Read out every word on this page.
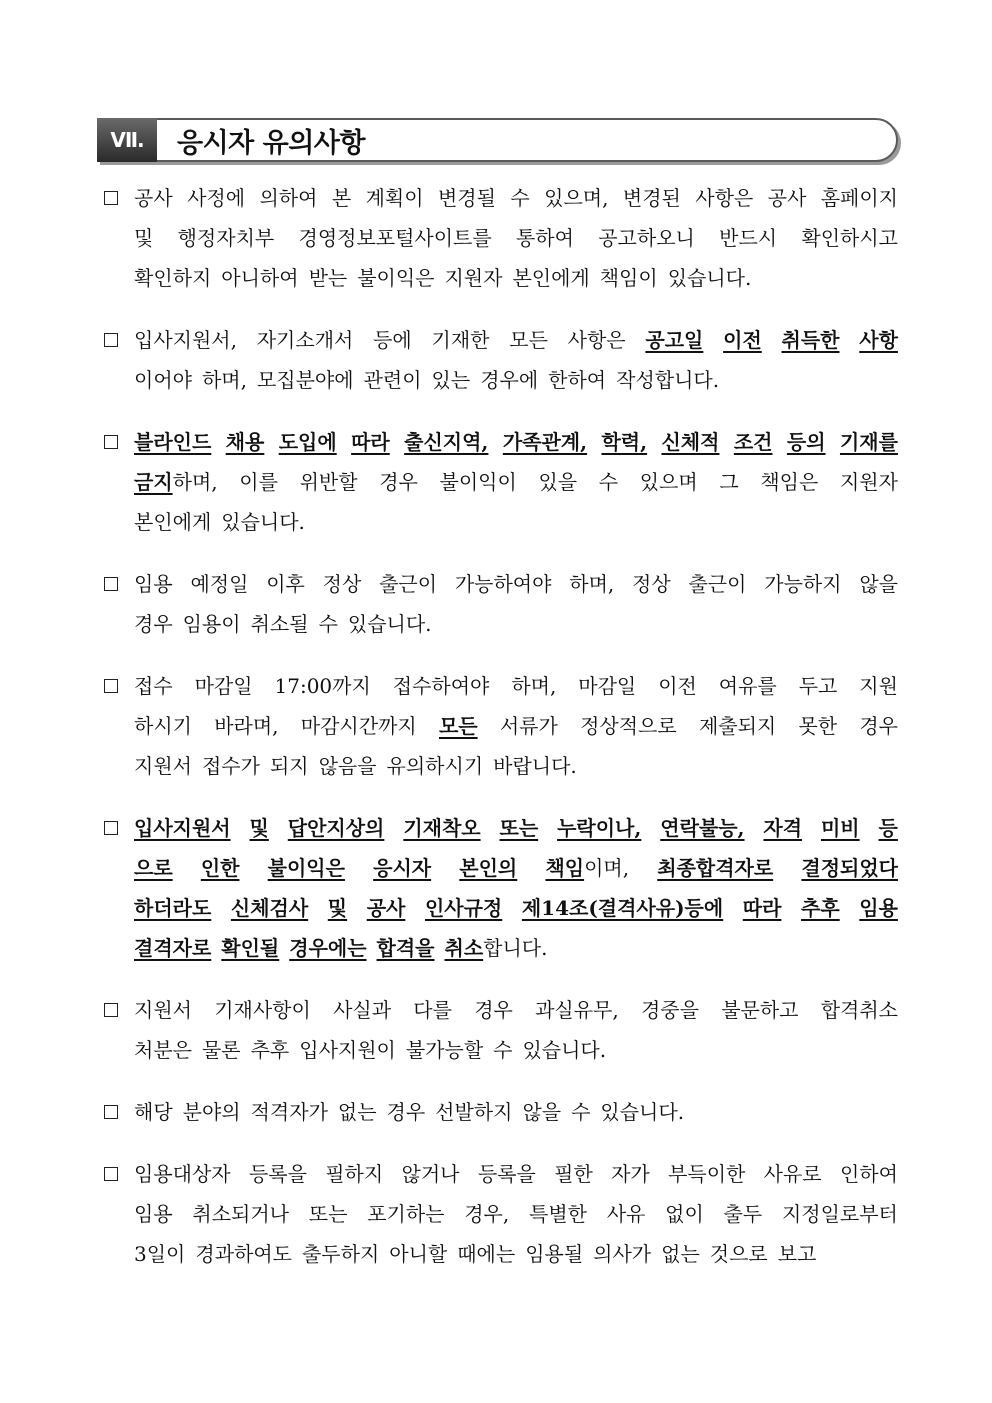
Ⅶ.	응시자 유의사항
공사 사정에 의하여 본 계획이 변경될 수 있으며, 변경된 사항은 공사 홈페이지
및 행정자치부 경영정보포털사이트를 통하여 공고하오니 반드시 확인하시고
확인하지 아니하여 받는 불이익은 지원자 본인에게 책임이 있습니다.
입사지원서, 자기소개서 등에 기재한 모든 사항은 공고일 이전 취득한 사항
이어야 하며, 모집분야에 관련이 있는 경우에 한하여 작성합니다.
블라인드 채용 도입에 따라 출신지역, 가족관계, 학력, 신체적 조건 등의 기재를
금지하며, 이를 위반할 경우 불이익이 있을 수 있으며 그 책임은 지원자
본인에게 있습니다.
임용 예정일 이후 정상 출근이 가능하여야 하며, 정상 출근이 가능하지 않을
경우 임용이 취소될 수 있습니다.
접수 마감일 17:00까지 접수하여야 하며, 마감일 이전 여유를 두고 지원
하시기 바라며, 마감시간까지 모든 서류가 정상적으로 제출되지 못한 경우
지원서 접수가 되지 않음을 유의하시기 바랍니다.
입사지원서 및 답안지상의 기재착오 또는 누락이나, 연락불능, 자격 미비 등
으로 인한 불이익은 응시자 본인의 책임이며, 최종합격자로 결정되었다
하더라도 신체검사 및 공사 인사규정 제14조(결격사유)등에 따라 추후 임용
결격자로 확인될 경우에는 합격을 취소합니다.
지원서 기재사항이 사실과 다를 경우 과실유무, 경중을 불문하고 합격취소
처분은 물론 추후 입사지원이 불가능할 수 있습니다.
해당 분야의 적격자가 없는 경우 선발하지 않을 수 있습니다.
임용대상자 등록을 필하지 않거나 등록을 필한 자가 부득이한 사유로 인하여
임용 취소되거나 또는 포기하는 경우, 특별한 사유 없이 출두 지정일로부터
3일이 경과하여도 출두하지 아니할 때에는 임용될 의사가 없는 것으로 보고
